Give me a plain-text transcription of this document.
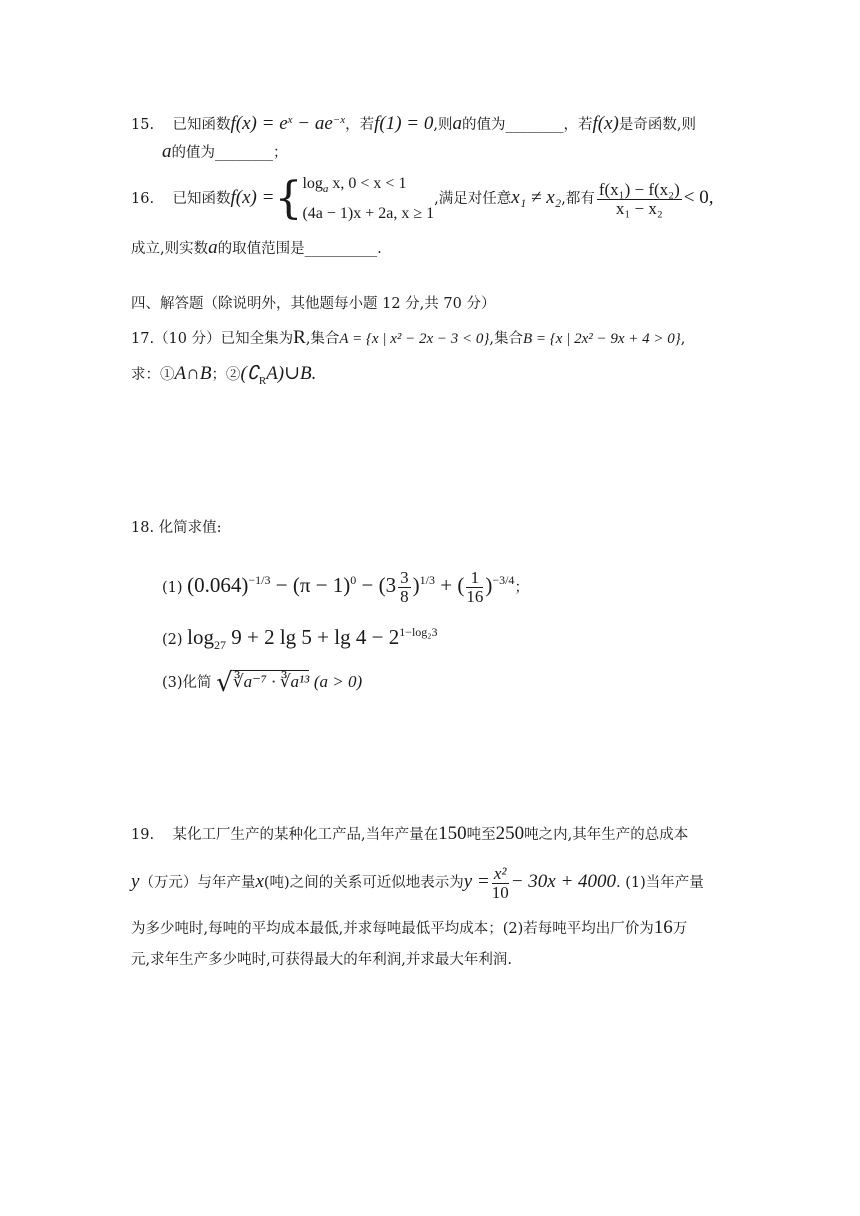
15. 已知函数$f(x) = e^x - ae^{-x}$，若f(1) = 0,则a的值为________，若f(x)是奇函数,则
a的值为________；
16. 已知函数f(x) ={ $\log_a x$, 0 < x < 1
(4a − 1)x + 2a, x ≥ 1
,满足对任意x₁ ≠ x₂,都有 $\frac{\text{f(x₁) − f(x₂)}}{\text{x₁ − x₂}} < 0$,
成立,则实数a的取值范围是__________.
四、解答题（除说明外，其他题每小题 12 分,共 70 分）
17.（10 分）已知全集为R,集合A = {x | x² − 2x − 3 < 0},集合B = {x | 2x² − 9x + 4 > 0},
求：①A∩B；$②(∁_RA)\cup B$.
18. 化简求值:
(1) $(0.064)^{-1/3} - (\pi - 1)^0 - (3 \frac{3}{8} )^{1/3}$ + ( $\frac{1}{16} )^{-3/4}$；
(2) $\log_{27} 9 + 2$ $\lg 5 + \lg 4 - 2^{1-log_23}$
(3)化简 √∛a⁻⁷ · ∛a¹³ (a > 0)
19. 某化工厂生产的某种化工产品,当年产量在150吨至250吨之内,其年生产的总成本
y（万元）与年产量x(吨)之间的关系可近似地表示为$y = \frac{\text{x²}}{10} - 30x + 4000$. (1)当年产量
为多少吨时,每吨的平均成本最低,并求每吨最低平均成本；(2)若每吨平均出厂价为16万
元,求年生产多少吨时,可获得最大的年利润,并求最大年利润.
